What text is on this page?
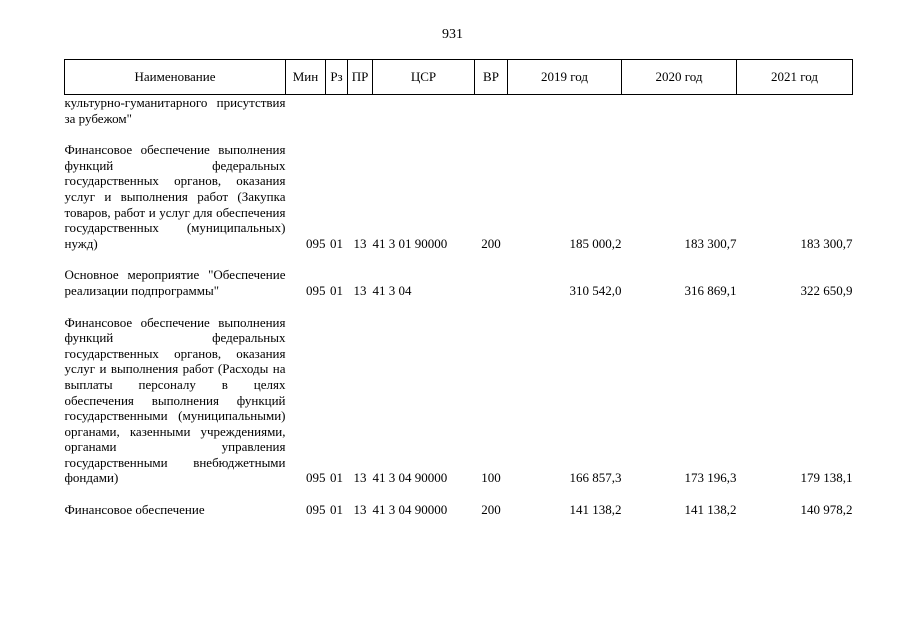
931
Наименование	Мин	Рз	ПР	ЦСР	ВР	2019 год	2020 год	2021 год
культурно-гуманитарного присутствия за рубежом"								

Финансовое обеспечение выполнения функций федеральных государственных органов, оказания услуг и выполнения работ (Закупка товаров, работ и услуг для обеспечения государственных (муниципальных) нужд)	095	01	13	41 3 01 90000	200	185 000,2	183 300,7	183 300,7

Основное мероприятие "Обеспечение реализации подпрограммы"	095	01	13	41 3 04		310 542,0	316 869,1	322 650,9

Финансовое обеспечение выполнения функций федеральных государственных органов, оказания услуг и выполнения работ (Расходы на выплаты персоналу в целях обеспечения выполнения функций государственными (муниципальными) органами, казенными учреждениями, органами управления государственными внебюджетными фондами)	095	01	13	41 3 04 90000	100	166 857,3	173 196,3	179 138,1

Финансовое обеспечение	095	01	13	41 3 04 90000	200	141 138,2	141 138,2	140 978,2
